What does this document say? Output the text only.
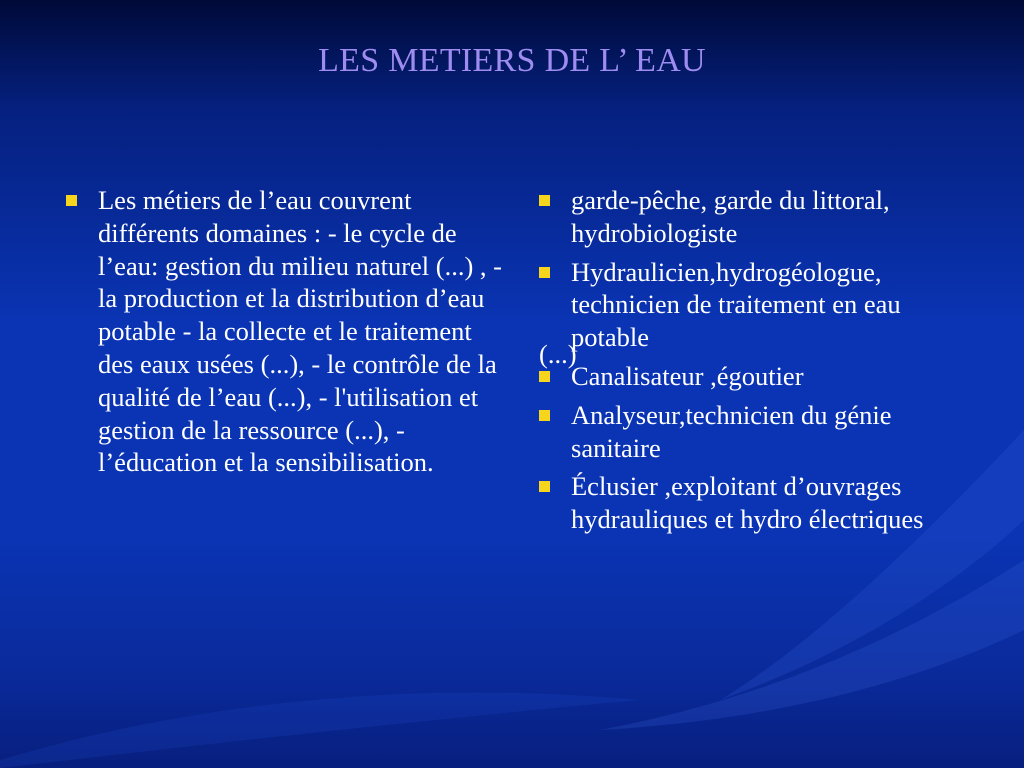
LES METIERS DE L’ EAU
Les métiers de l’eau couvrent différents domaines : - le cycle de l’eau: gestion du milieu naturel (...) , - la production et la distribution d’eau potable - la collecte et le traitement des eaux usées (...), - le contrôle de la qualité de l’eau (...), - l'utilisation et gestion de la ressource (...), - l’éducation et la sensibilisation.
garde-pêche, garde du littoral, hydrobiologiste
Hydraulicien,hydrogéologue, technicien de traitement en eau potable
(...)
Canalisateur ,égoutier
Analyseur,technicien du génie sanitaire
Éclusier ,exploitant d’ouvrages hydrauliques et hydro électriques
